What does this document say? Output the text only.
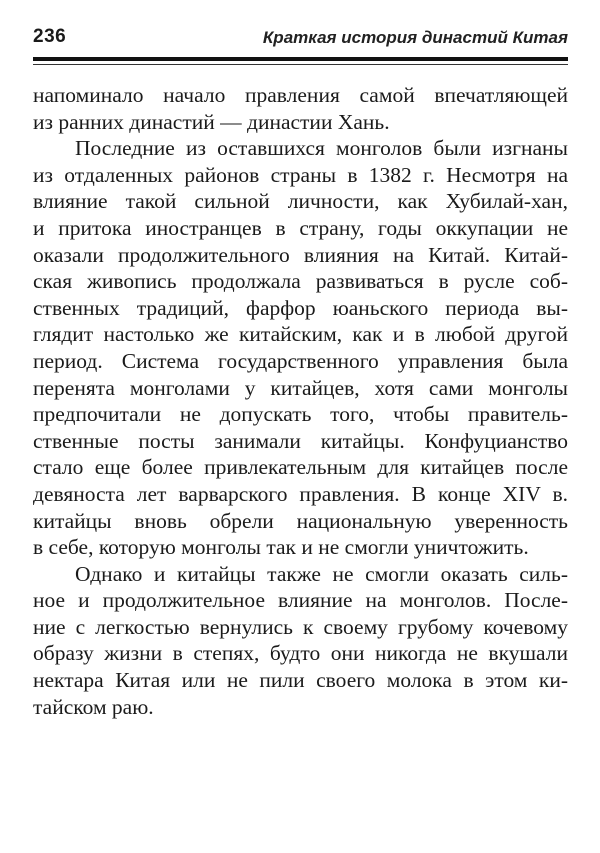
236	Краткая история династий Китая
напоминало начало правления самой впечатляющей
из ранних династий — династии Хань.
Последние из оставшихся монголов были изгнаны
из отдаленных районов страны в 1382 г. Несмотря на
влияние такой сильной личности, как Хубилай-хан,
и притока иностранцев в страну, годы оккупации не
оказали продолжительного влияния на Китай. Китай-
ская живопись продолжала развиваться в русле соб-
ственных традиций, фарфор юаньского периода вы-
глядит настолько же китайским, как и в любой другой
период. Система государственного управления была
перенята монголами у китайцев, хотя сами монголы
предпочитали не допускать того, чтобы правитель-
ственные посты занимали китайцы. Конфуцианство
стало еще более привлекательным для китайцев после
девяноста лет варварского правления. В конце XIV в.
китайцы вновь обрели национальную уверенность
в себе, которую монголы так и не смогли уничтожить.
Однако и китайцы также не смогли оказать силь-
ное и продолжительное влияние на монголов. После-
ние с легкостью вернулись к своему грубому кочевому
образу жизни в степях, будто они никогда не вкушали
нектара Китая или не пили своего молока в этом ки-
тайском раю.
